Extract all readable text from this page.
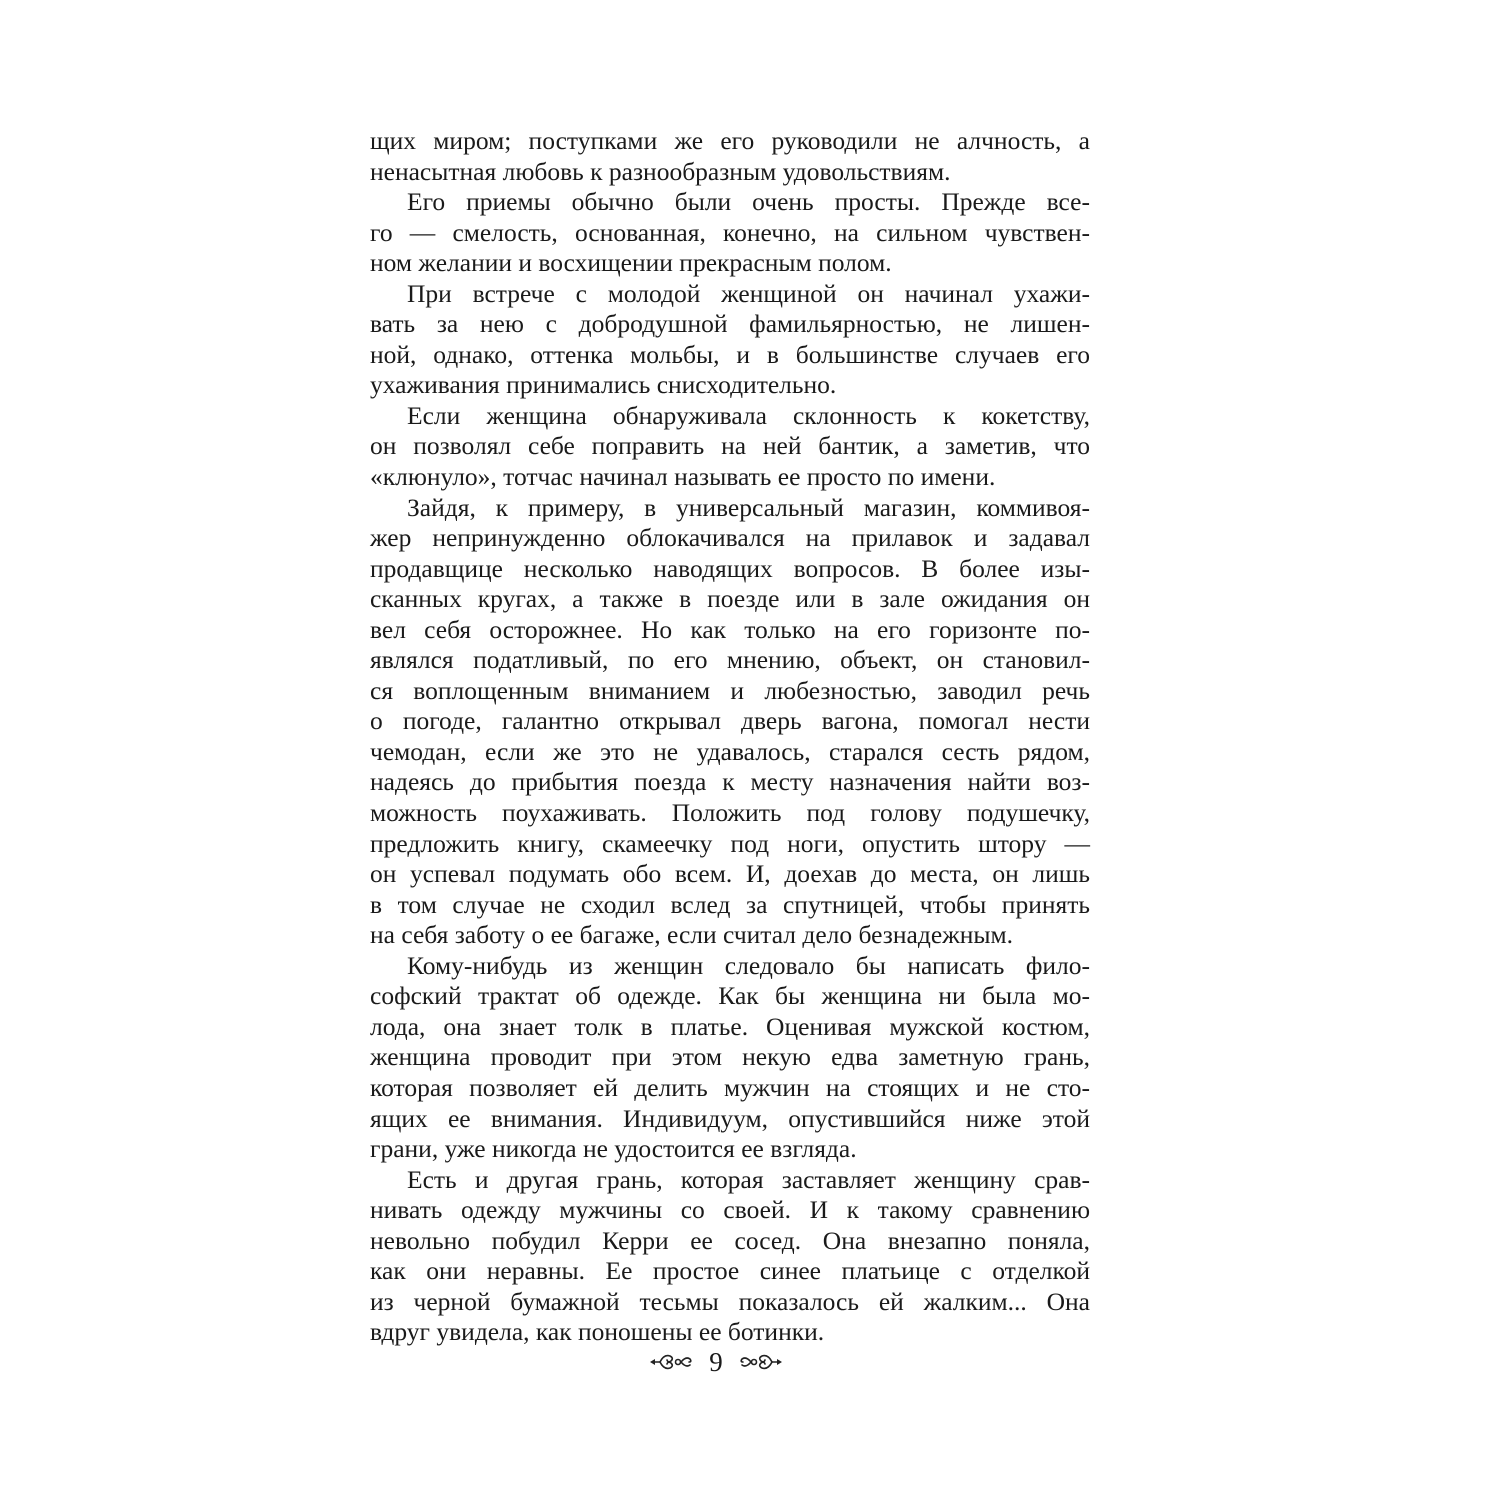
щих миром; поступками же его руководили не алчность, а
ненасытная любовь к разнообразным удовольствиям.
Его приемы обычно были очень просты. Прежде все-
го — смелость, основанная, конечно, на сильном чувствен-
ном желании и восхищении прекрасным полом.
При встрече с молодой женщиной он начинал ухажи-
вать за нею с добродушной фамильярностью, не лишен-
ной, однако, оттенка мольбы, и в большинстве случаев его
ухаживания принимались снисходительно.
Если женщина обнаруживала склонность к кокетству,
он позволял себе поправить на ней бантик, а заметив, что
«клюнуло», тотчас начинал называть ее просто по имени.
Зайдя, к примеру, в универсальный магазин, коммивоя-
жер непринужденно облокачивался на прилавок и задавал
продавщице несколько наводящих вопросов. В более изы-
сканных кругах, а также в поезде или в зале ожидания он
вел себя осторожнее. Но как только на его горизонте по-
являлся податливый, по его мнению, объект, он становил-
ся воплощенным вниманием и любезностью, заводил речь
о погоде, галантно открывал дверь вагона, помогал нести
чемодан, если же это не удавалось, старался сесть рядом,
надеясь до прибытия поезда к месту назначения найти воз-
можность поухаживать. Положить под голову подушечку,
предложить книгу, скамеечку под ноги, опустить штору —
он успевал подумать обо всем. И, доехав до места, он лишь
в том случае не сходил вслед за спутницей, чтобы принять
на себя заботу о ее багаже, если считал дело безнадежным.
Кому-нибудь из женщин следовало бы написать фило-
софский трактат об одежде. Как бы женщина ни была мо-
лода, она знает толк в платье. Оценивая мужской костюм,
женщина проводит при этом некую едва заметную грань,
которая позволяет ей делить мужчин на стоящих и не сто-
ящих ее внимания. Индивидуум, опустившийся ниже этой
грани, уже никогда не удостоится ее взгляда.
Есть и другая грань, которая заставляет женщину срав-
нивать одежду мужчины со своей. И к такому сравнению
невольно побудил Керри ее сосед. Она внезапно поняла,
как они неравны. Ее простое синее платьице с отделкой
из черной бумажной тесьмы показалось ей жалким... Она
вдруг увидела, как поношены ее ботинки.
9
